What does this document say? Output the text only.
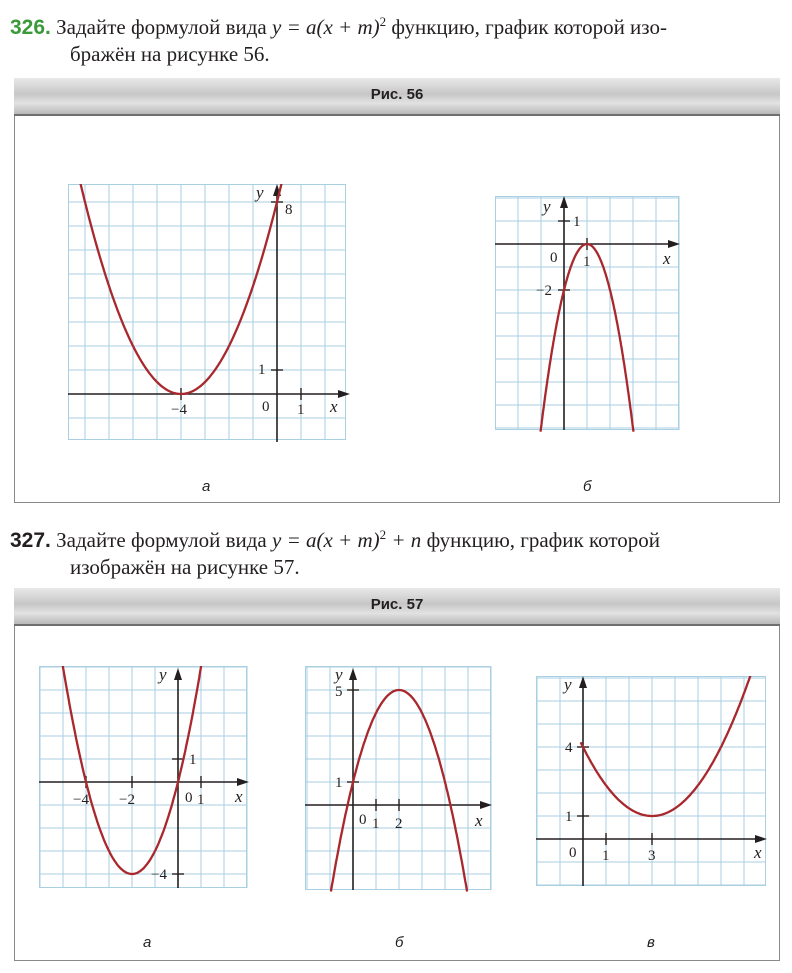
326. Задайте формулой вида $y = a(x + m)^2$ функцию, график которой изо-
бражён на рисунке 56.
Рис. 56
y
x
8
1
0 1
−4
а
y
x
1
−2
0 1
б
327. Задайте формулой вида $y = a(x + m)^2 + n$ функцию, график которой
изображён на рисунке 57.
Рис. 57
y
x
1
−4
−4 −2	0 1
а
y
x
5
1
0 1 2
б
y
x
4
1
0 1	3
в
